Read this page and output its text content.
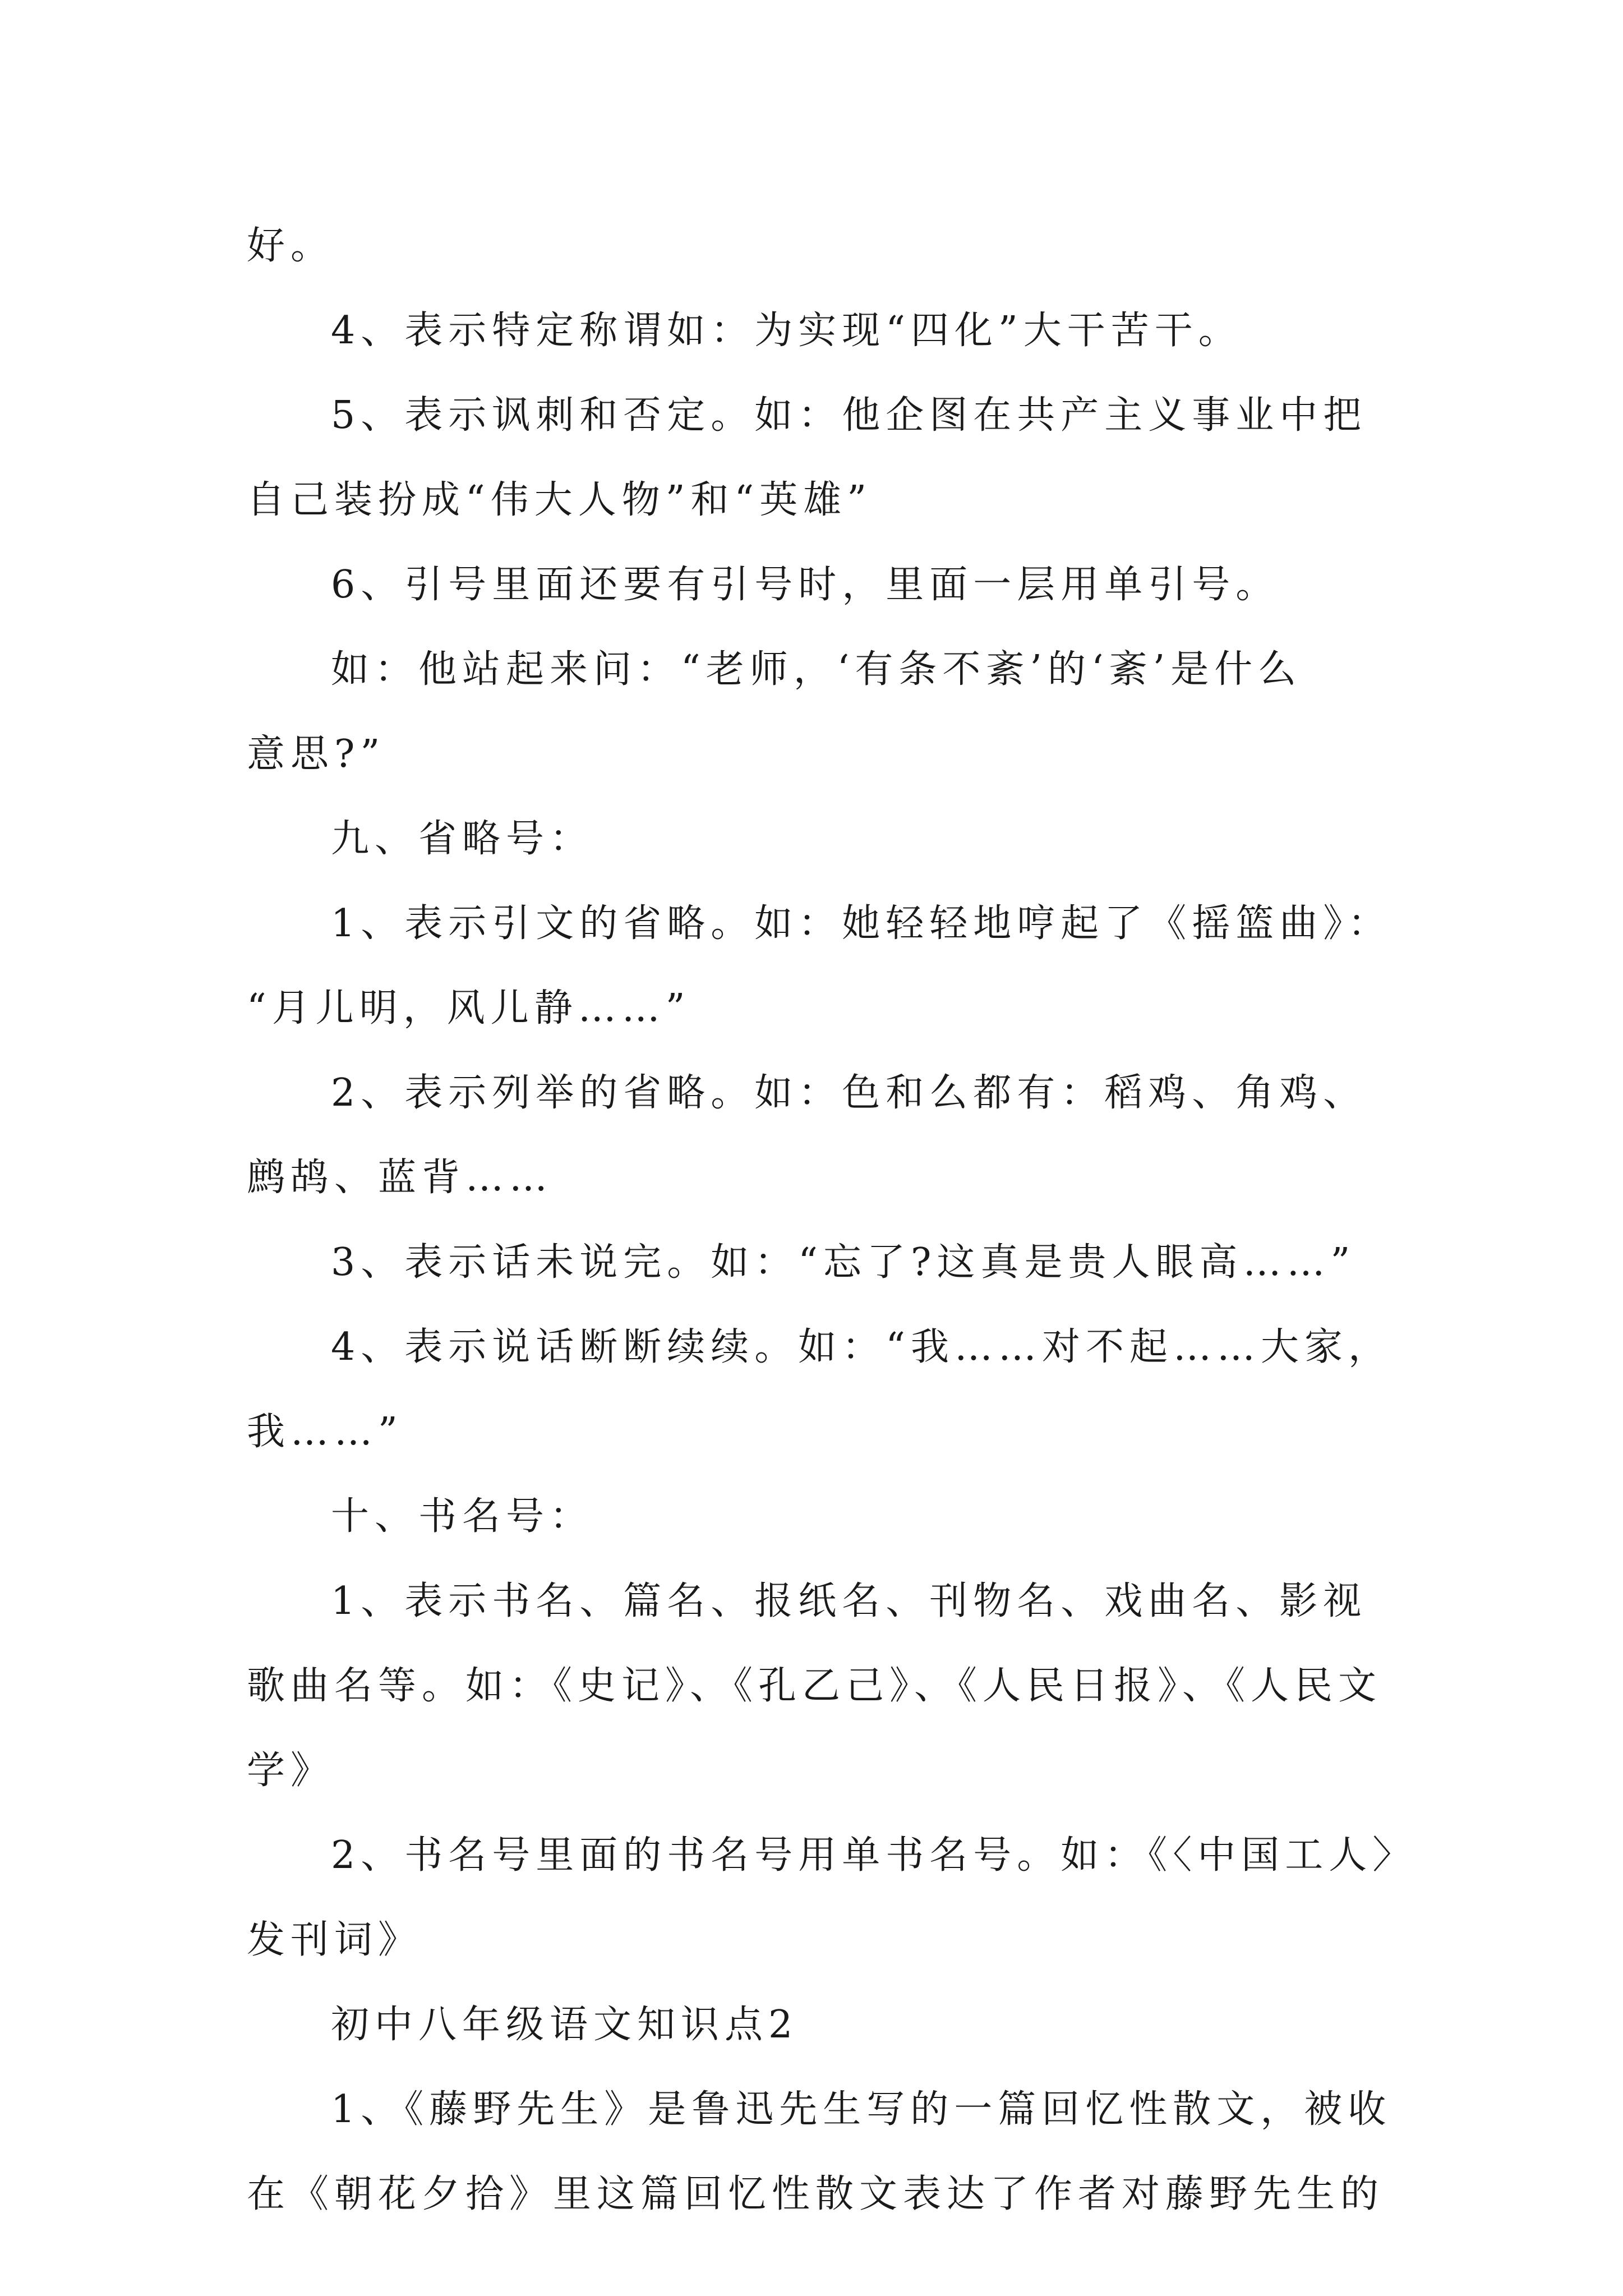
好。

4、表示特定称谓如：为实现“四化”大干苦干。

5、表示讽刺和否定。如：他企图在共产主义事业中把

自己装扮成“伟大人物”和“英雄”

6、引号里面还要有引号时，里面一层用单引号。

如：他站起来问：“老师，‘有条不紊’的‘紊’是什么

意思?”

九、省略号：

1、表示引文的省略。如：她轻轻地哼起了《摇篮曲》：

“月儿明，风儿静……”

2、表示列举的省略。如：色和么都有：稻鸡、角鸡、

鹧鸪、蓝背……

3、表示话未说完。如：“忘了?这真是贵人眼高……”

4、表示说话断断续续。如：“我……对不起……大家，

我……”

十、书名号：

1、表示书名、篇名、报纸名、刊物名、戏曲名、影视

歌曲名等。如：《史记》、《孔乙己》、《人民日报》、《人民文

学》

2、书名号里面的书名号用单书名号。如：《〈中国工人〉

发刊词》

初中八年级语文知识点2

1、《藤野先生》是鲁迅先生写的一篇回忆性散文，被收

在《朝花夕拾》里这篇回忆性散文表达了作者对藤野先生的
